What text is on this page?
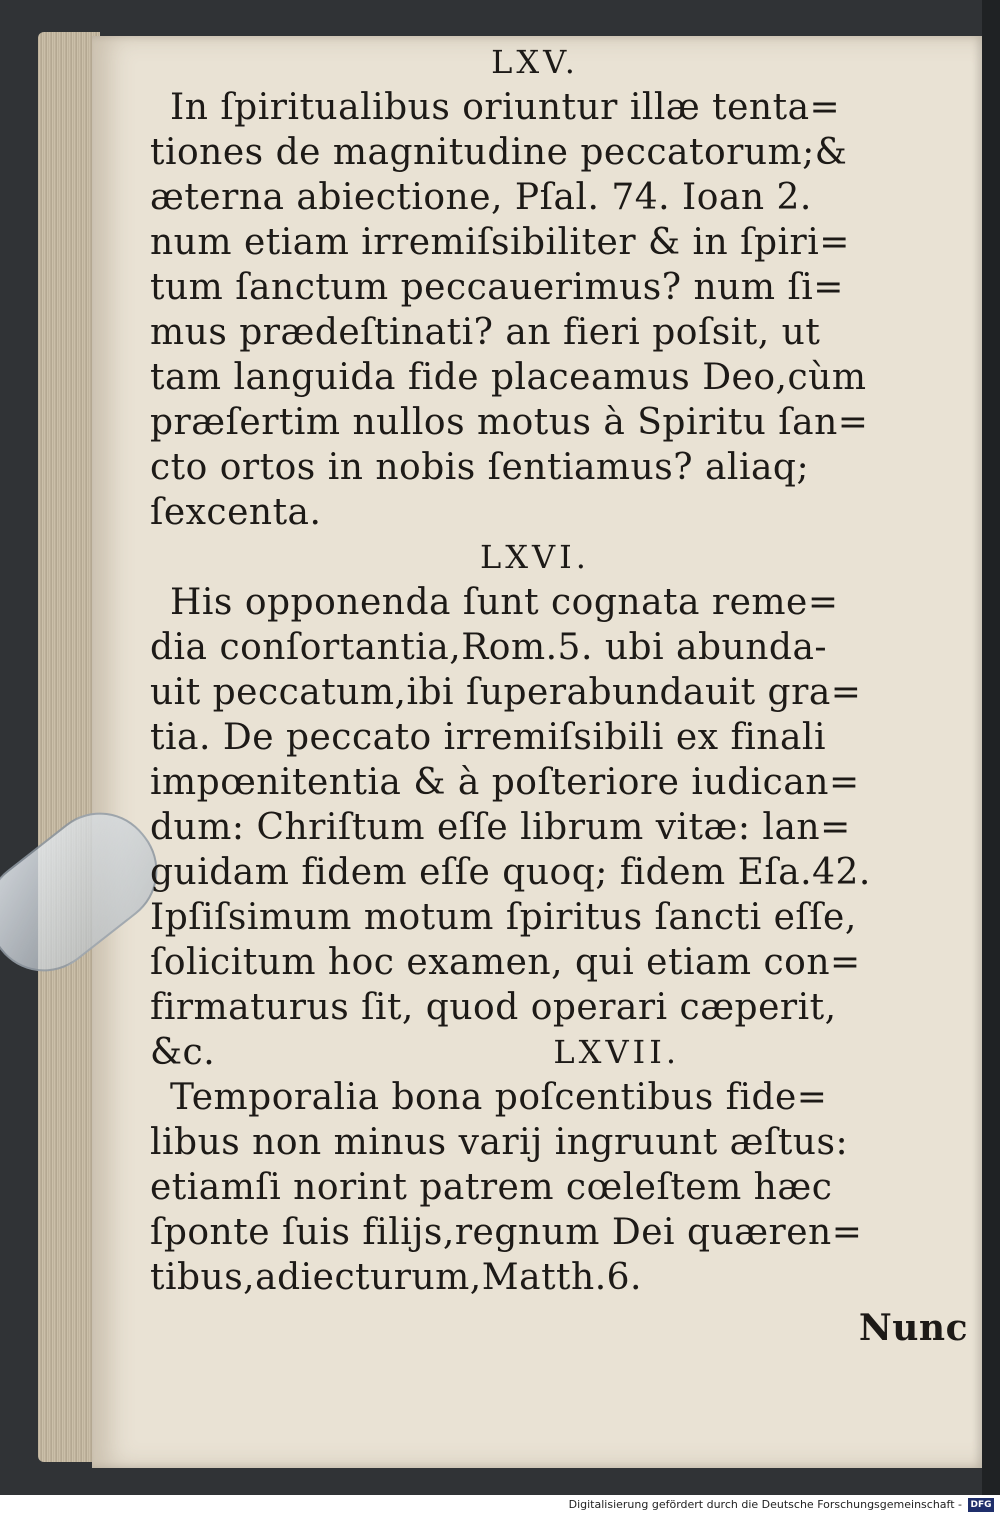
LXV.
In ſpiritualibus oriuntur illæ tenta=
tiones de magnitudine peccatorum;&
æterna abiectione, Pſal. 74. Ioan 2.
num etiam irremiſsibiliter & in ſpiri=
tum ſanctum peccauerimus? num ſi=
mus prædeſtinati? an fieri poſsit, ut
tam languida fide placeamus Deo,cùm
præſertim nullos motus à Spiritu ſan=
cto ortos in nobis ſentiamus? aliaq;
ſexcenta.
LXVI.
His opponenda ſunt cognata reme=
dia conſortantia,Rom.5. ubi abunda-
uit peccatum,ibi ſuperabundauit gra=
tia. De peccato irremiſsibili ex finali
impœnitentia & à poſteriore iudican=
dum: Chriſtum eſſe librum vitæ: lan=
guidam fidem eſſe quoq; fidem Eſa.42.
Ipſiſsimum motum ſpiritus ſancti eſſe,
ſolicitum hoc examen, qui etiam con=
firmaturus ſit, quod operari cæperit,
&c.	LXVII.
Temporalia bona poſcentibus fide=
libus non minus varij ingruunt æſtus:
etiamſi norint patrem cœleſtem hæc
ſponte ſuis filijs,regnum Dei quæren=
tibus,adiecturum,Matth.6.
Nunc
Digitalisierung gefördert durch die Deutsche Forschungsgemeinschaft - DFG
